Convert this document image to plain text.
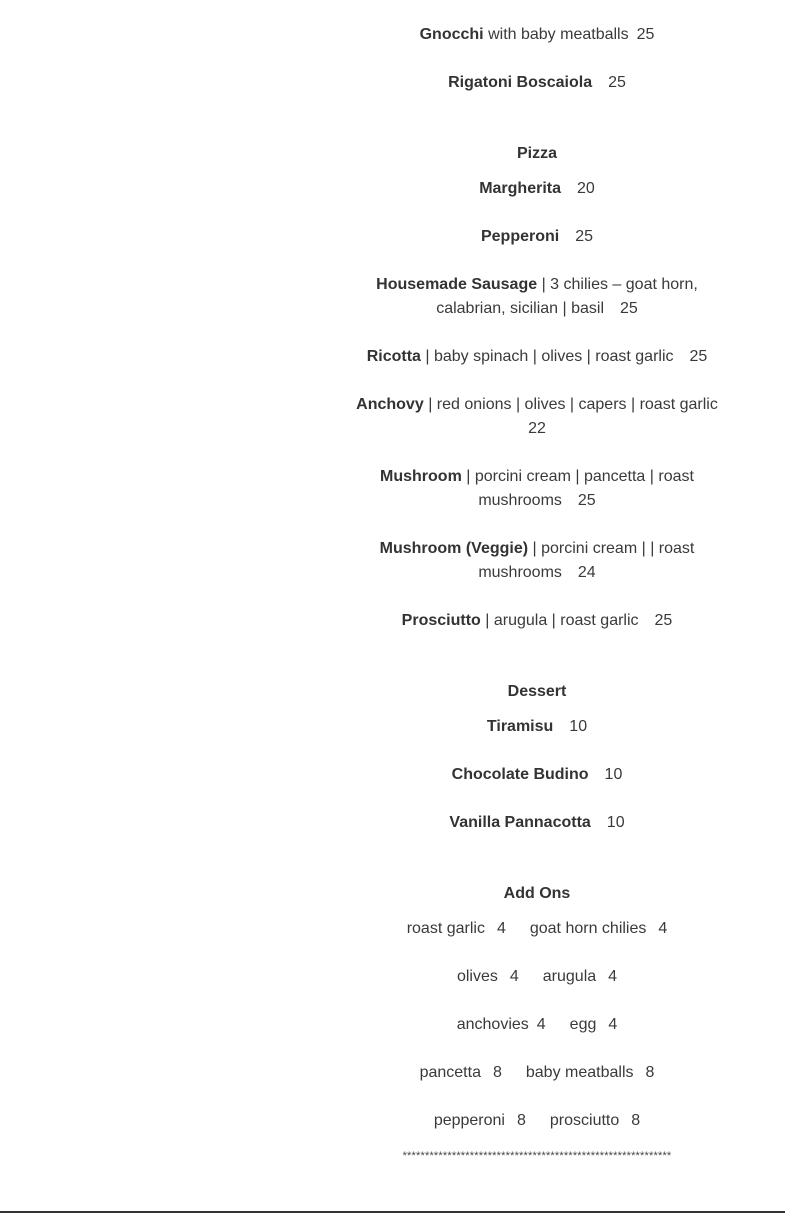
Gnocchi with baby meatballs 25
Rigatoni Boscaiola 25
Pizza
Margherita 20
Pepperoni 25
Housemade Sausage | 3 chilies – goat horn,
calabrian, sicilian | basil 25
Ricotta | baby spinach | olives | roast garlic 25
Anchovy | red onions | olives | capers | roast garlic
22
Mushroom | porcini cream | pancetta | roast
mushrooms 25
Mushroom (Veggie) | porcini cream | | roast
mushrooms 24
Prosciutto | arugula | roast garlic 25
Dessert
Tiramisu 10
Chocolate Budino 10
Vanilla Pannacotta 10
Add Ons
roast garlic 4 goat horn chilies 4
olives 4 arugula 4
anchovies 4 egg 4
pancetta 8 baby meatballs 8
pepperoni 8 prosciutto 8
************************************************************
